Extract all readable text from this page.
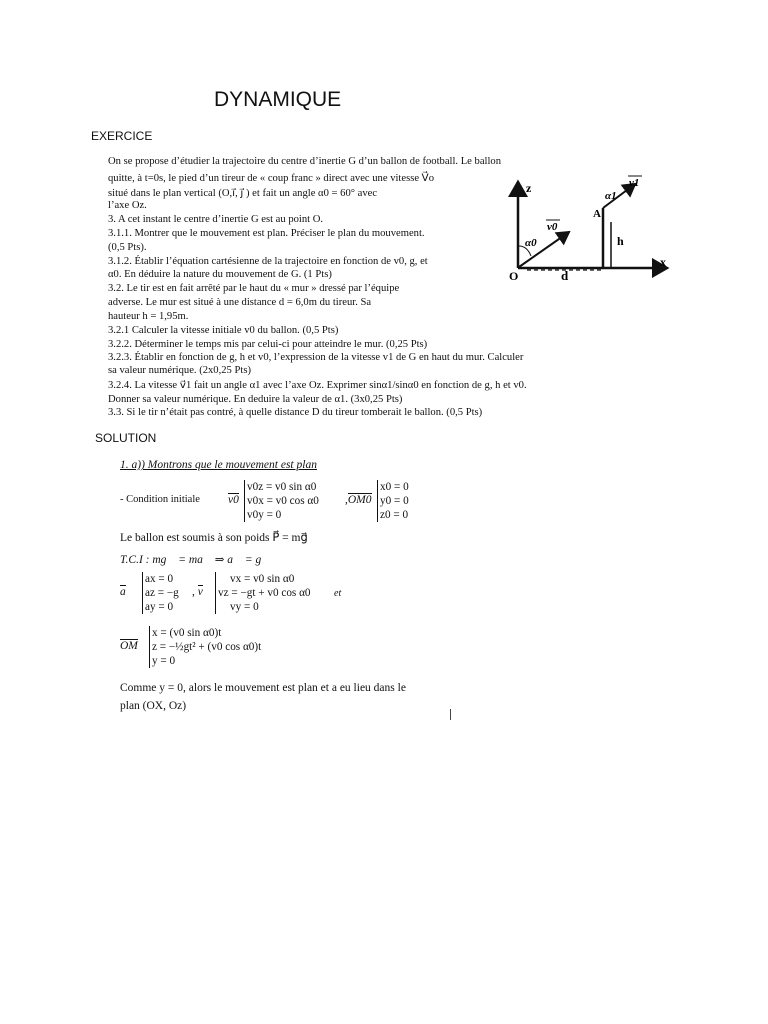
DYNAMIQUE
EXERCICE
SOLUTION
On se propose d’étudier la trajectoire du centre d’inertie G d’un ballon de football. Le ballon
quitte, à t=0s, le pied d’un tireur de « coup franc » direct avec une vitesse V⃗o
situé dans le plan vertical (O,i⃗, j⃗ ) et fait un angle α0 = 60° avec
l’axe Oz.
3. A cet instant le centre d’inertie G est au point O.
3.1.1. Montrer que le mouvement est plan. Préciser le plan du mouvement.
(0,5 Pts).
3.1.2. Établir l’équation cartésienne de la trajectoire en fonction de v0, g, et
α0. En déduire la nature du mouvement de G. (1 Pts)
3.2. Le tir est en fait arrêté par le haut du « mur » dressé par l’équipe
adverse. Le mur est situé à une distance d = 6,0m du tireur. Sa
hauteur h = 1,95m.
3.2.1 Calculer la vitesse initiale v0 du ballon. (0,5 Pts)
3.2.2. Déterminer le temps mis par celui-ci pour atteindre le mur. (0,25 Pts)
3.2.3. Établir en fonction de g, h et v0, l’expression de la vitesse v1 de G en haut du mur. Calculer
sa valeur numérique. (2x0,25 Pts)
3.2.4. La vitesse v⃗1 fait un angle α1 avec l’axe Oz. Exprimer sinα1/sinα0 en fonction de g, h et v0.
Donner sa valeur numérique. En deduire la valeur de α1. (3x0,25 Pts)
3.3. Si le tir n’était pas contré, à quelle distance D du tireur tomberait le ballon. (0,5 Pts)
z
x
O
v0
α0	h
A
v1
α1
d
1. a)) Montrons que le mouvement est plan
- Condition initiale v0
v0z = v0 sin α0
v0x = v0 cos α0
v0y = 0
,OM0
x0 = 0
y0 = 0
z0 = 0
Le ballon est soumis à son poids P⃗ = mg⃗
T.C.I : mg⃗ = ma⃗ ⇒ a⃗ = g⃗
a
ax = 0
az = −g
ay = 0
, v
vx = v0 sin α0
vz = −gt + v0 cos α0
vy = 0
et
OM
x = (v0 sin α0)t
z = −½gt² + (v0 cos α0)t
y = 0
Comme y = 0, alors le mouvement est plan et a eu lieu dans le
plan (OX, Oz)
